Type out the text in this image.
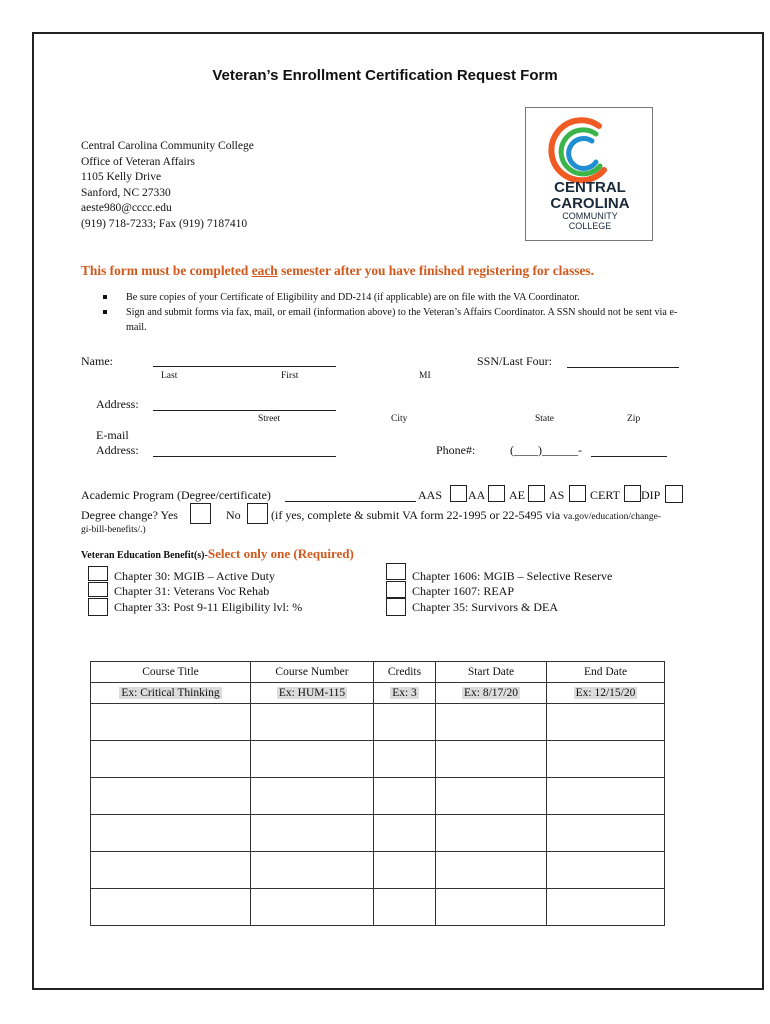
Veteran’s Enrollment Certification Request Form
Central Carolina Community College
Office of Veteran Affairs
1105 Kelly Drive
Sanford, NC 27330
aeste980@cccc.edu
(919) 718-7233; Fax (919) 7187410
CENTRAL
CAROLINA
COMMUNITY
COLLEGE
This form must be completed each semester after you have finished registering for classes.
Be sure copies of your Certificate of Eligibility and DD-214 (if applicable) are on file with the VA Coordinator.
Sign and submit forms via fax, mail, or email (information above) to the Veteran’s Affairs Coordinator. A SSN should not be sent via e-mail.
Name:
Last	First	MI
SSN/Last Four:
Address:
Street	City	State	Zip
E-mail
Address:	Phone#:	(____)______-
Academic Program (Degree/certificate)	AAS AA AE AS CERT DIP
Degree change? Yes	No	(if yes, complete & submit VA form 22-1995 or 22-5495 via va.gov/education/change-
gi-bill-benefits/.)
Veteran Education Benefit(s)-Select only one (Required)
Chapter 30: MGIB – Active Duty
Chapter 31: Veterans Voc Rehab
Chapter 33: Post 9-11 Eligibility lvl: %
Chapter 1606: MGIB – Selective Reserve
Chapter 1607: REAP
Chapter 35: Survivors & DEA
Course Title	Course Number	Credits	Start Date	End Date
Ex: Critical Thinking	Ex: HUM-115	Ex: 3	Ex: 8/17/20	Ex: 12/15/20
